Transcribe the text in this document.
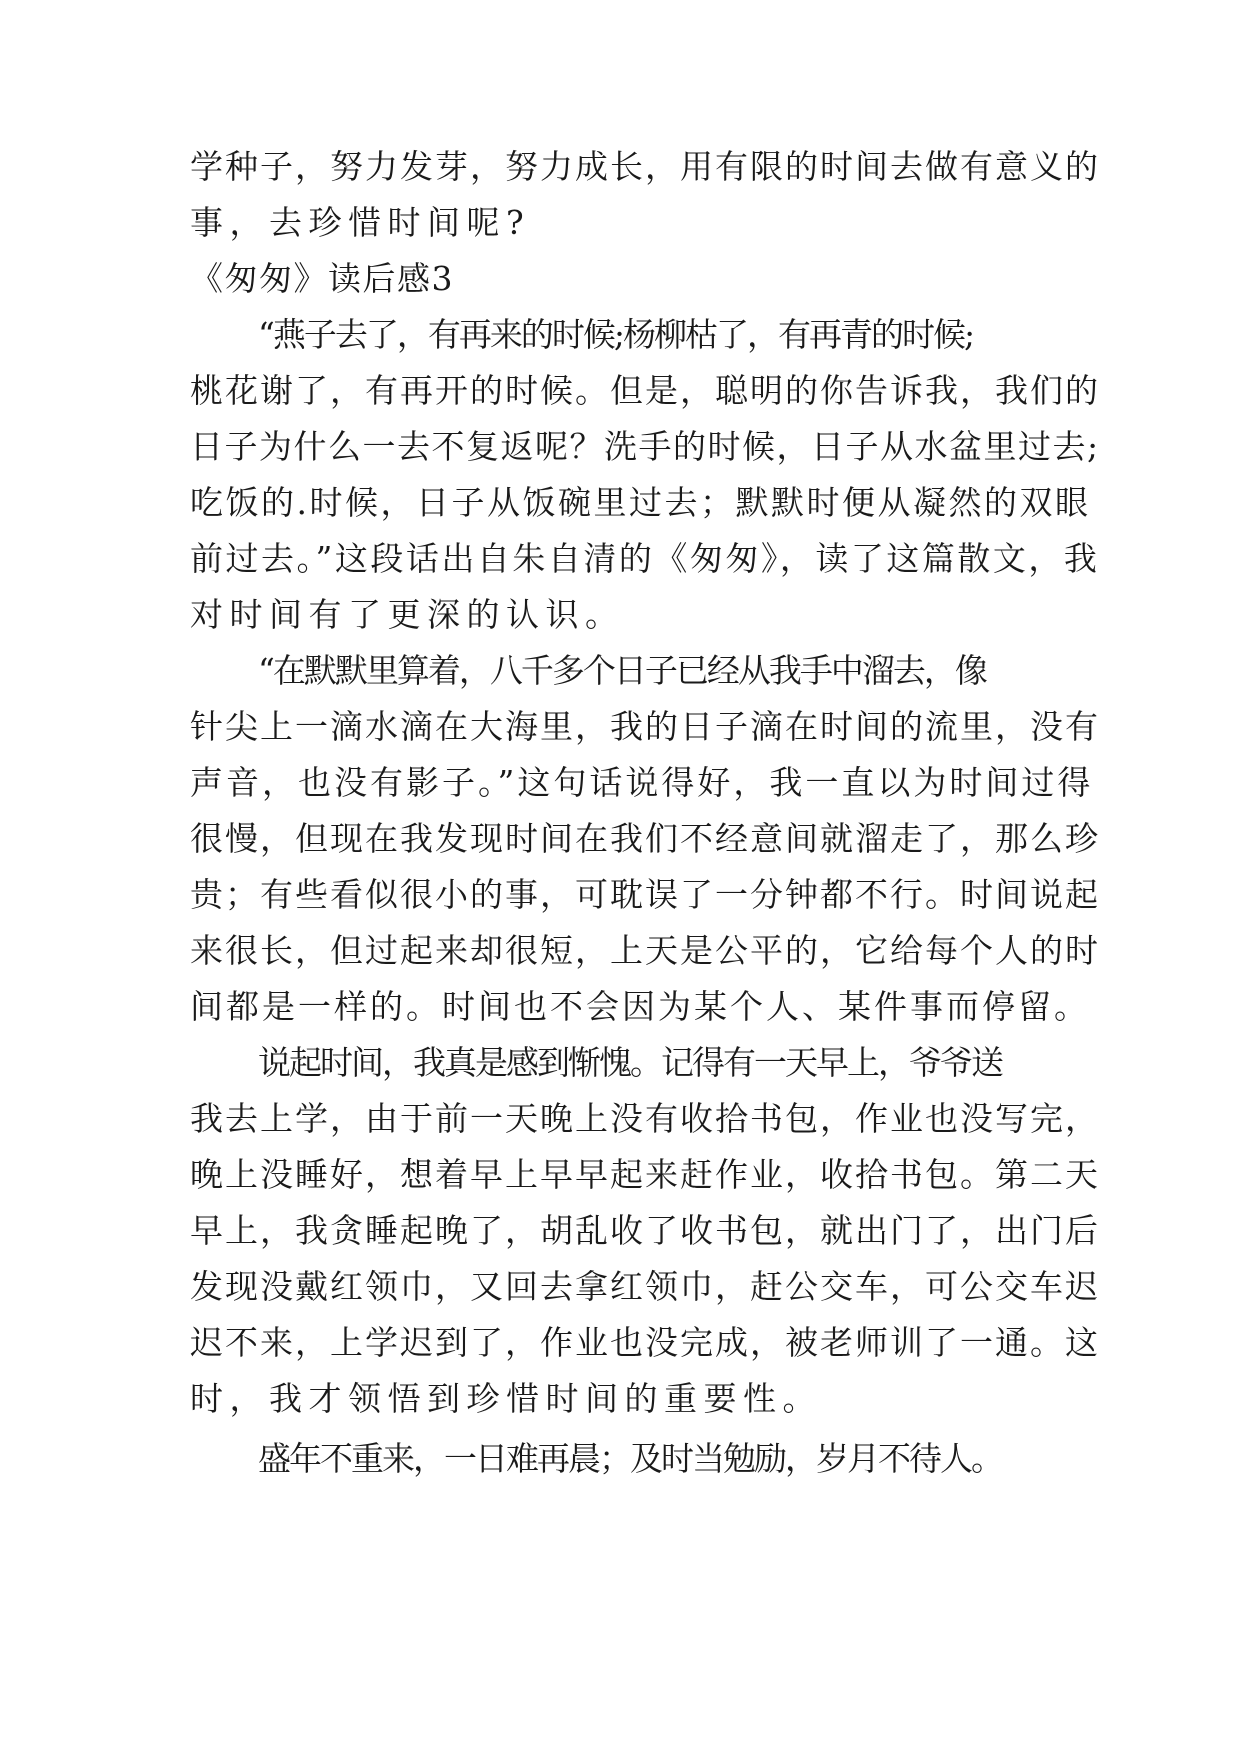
学种子，努力发芽，努力成长，用有限的时间去做有意义的
事，去珍惜时间呢?
《匆匆》读后感3
“燕子去了，有再来的时候;杨柳枯了，有再青的时候;
桃花谢了，有再开的时候。但是，聪明的你告诉我，我们的
日子为什么一去不复返呢？洗手的时候，日子从水盆里过去;
吃饭的.时候，日子从饭碗里过去；默默时便从凝然的双眼
前过去。”这段话出自朱自清的《匆匆》，读了这篇散文，我
对时间有了更深的认识。
“在默默里算着，八千多个日子已经从我手中溜去，像
针尖上一滴水滴在大海里，我的日子滴在时间的流里，没有
声音，也没有影子。”这句话说得好，我一直以为时间过得
很慢，但现在我发现时间在我们不经意间就溜走了，那么珍
贵；有些看似很小的事，可耽误了一分钟都不行。时间说起
来很长，但过起来却很短，上天是公平的，它给每个人的时
间都是一样的。时间也不会因为某个人、某件事而停留。
说起时间，我真是感到惭愧。记得有一天早上，爷爷送
我去上学，由于前一天晚上没有收拾书包，作业也没写完，
晚上没睡好，想着早上早早起来赶作业，收拾书包。第二天
早上，我贪睡起晚了，胡乱收了收书包，就出门了，出门后
发现没戴红领巾，又回去拿红领巾，赶公交车，可公交车迟
迟不来，上学迟到了，作业也没完成，被老师训了一通。这
时，我才领悟到珍惜时间的重要性。
盛年不重来，一日难再晨；及时当勉励，岁月不待人。
